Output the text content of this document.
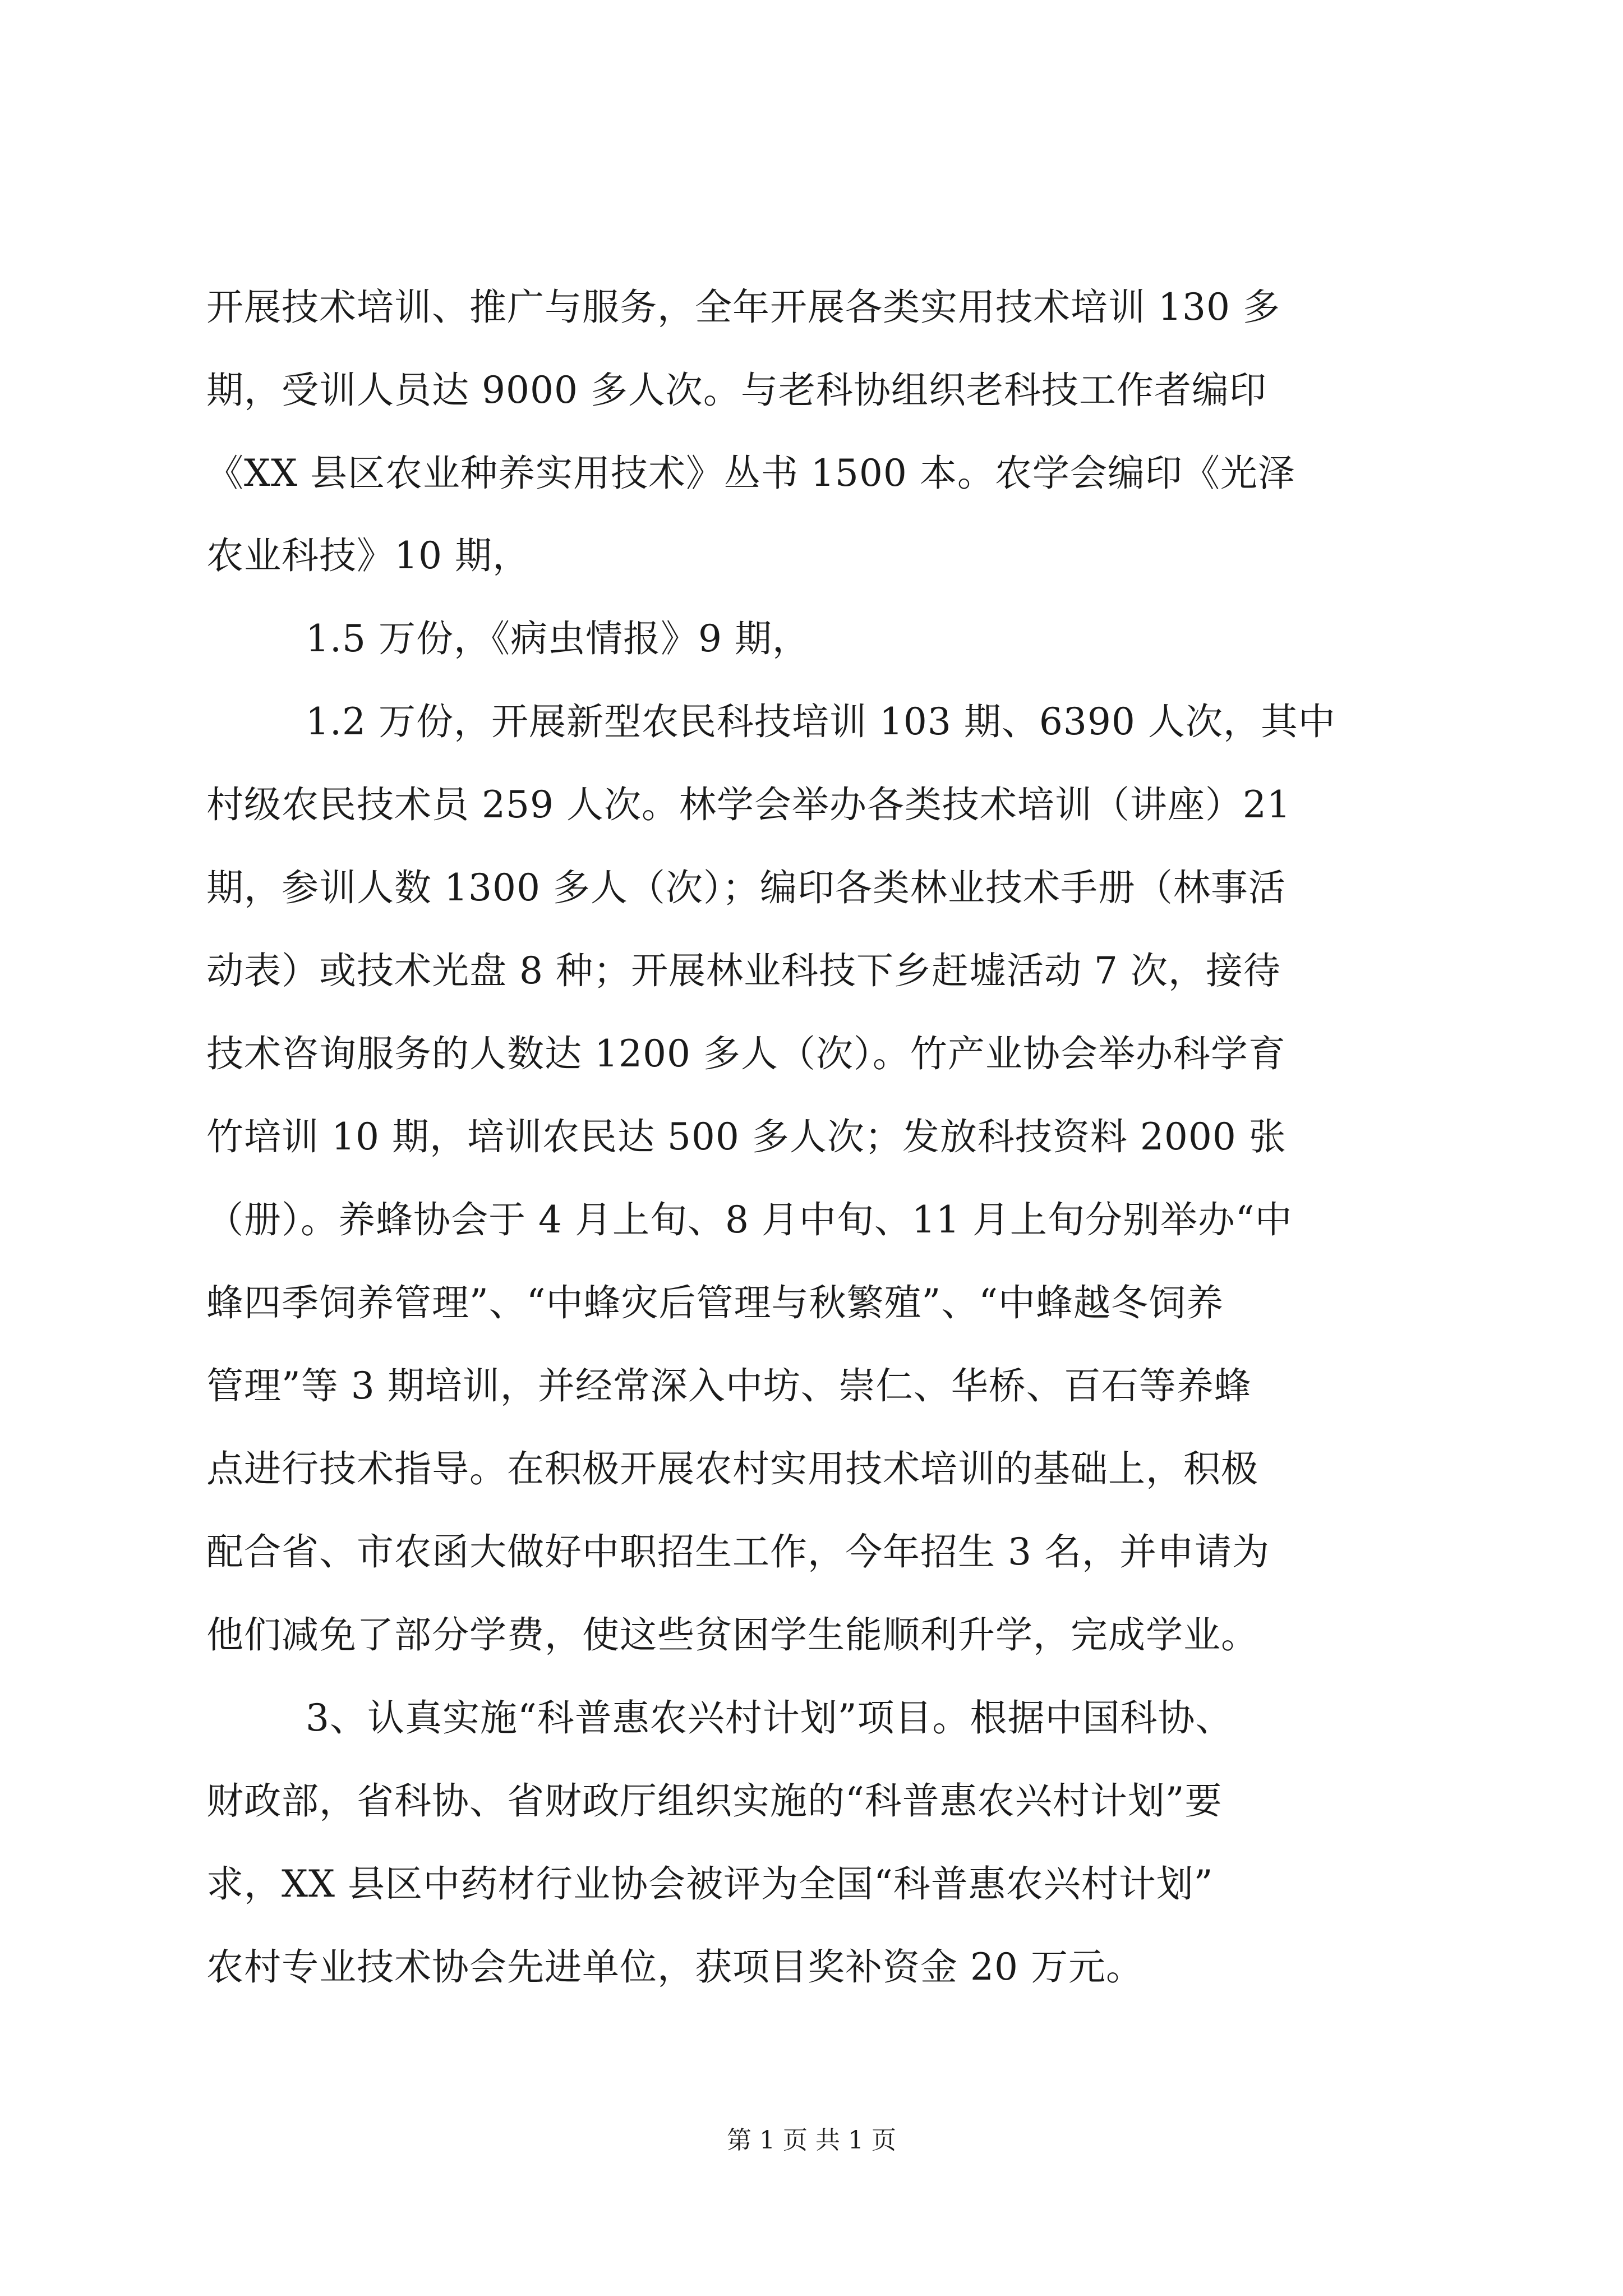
开展技术培训、推广与服务，全年开展各类实用技术培训 130 多
期，受训人员达 9000 多人次。与老科协组织老科技工作者编印
《XX 县区农业种养实用技术》丛书 1500 本。农学会编印《光泽
农业科技》10 期，
1.5 万份，《病虫情报》9 期，
1.2 万份，开展新型农民科技培训 103 期、6390 人次，其中
村级农民技术员 259 人次。林学会举办各类技术培训（讲座）21
期，参训人数 1300 多人（次）；编印各类林业技术手册（林事活
动表）或技术光盘 8 种；开展林业科技下乡赶墟活动 7 次，接待
技术咨询服务的人数达 1200 多人（次）。竹产业协会举办科学育
竹培训 10 期，培训农民达 500 多人次；发放科技资料 2000 张
（册）。养蜂协会于 4 月上旬、8 月中旬、11 月上旬分别举办“中
蜂四季饲养管理”、“中蜂灾后管理与秋繁殖”、“中蜂越冬饲养
管理”等 3 期培训，并经常深入中坊、崇仁、华桥、百石等养蜂
点进行技术指导。在积极开展农村实用技术培训的基础上，积极
配合省、市农函大做好中职招生工作，今年招生 3 名，并申请为
他们减免了部分学费，使这些贫困学生能顺利升学，完成学业。
3、认真实施“科普惠农兴村计划”项目。根据中国科协、
财政部，省科协、省财政厅组织实施的“科普惠农兴村计划”要
求，XX 县区中药材行业协会被评为全国“科普惠农兴村计划”
农村专业技术协会先进单位，获项目奖补资金 20 万元。
第 1 页 共 1 页
